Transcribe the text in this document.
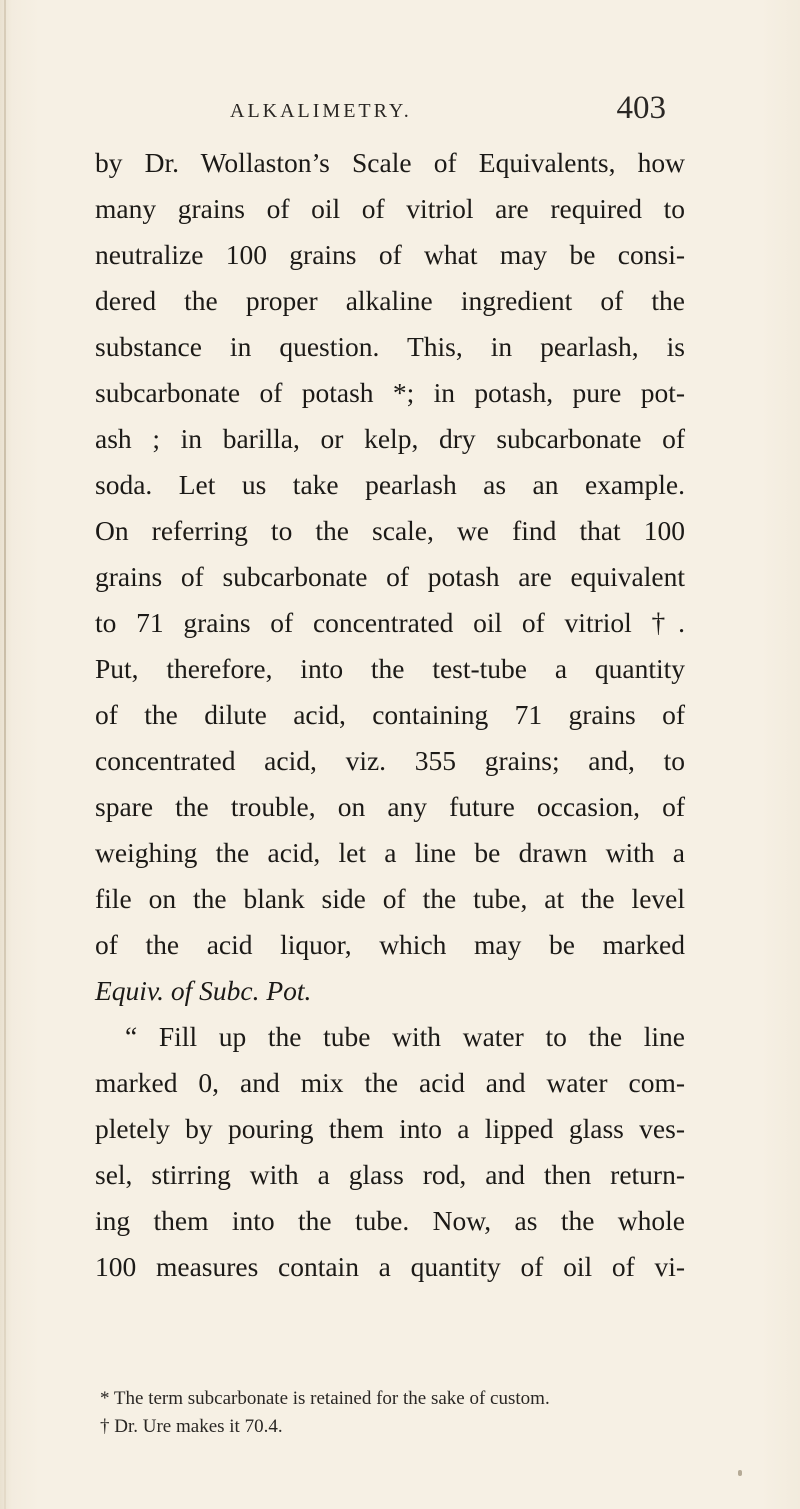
ALKALIMETRY.	403
by Dr. Wollaston’s Scale of Equivalents, how
many grains of oil of vitriol are required to
neutralize 100 grains of what may be consi-
dered the proper alkaline ingredient of the
substance in question. This, in pearlash, is
subcarbonate of potash *; in potash, pure pot-
ash ; in barilla, or kelp, dry subcarbonate of
soda. Let us take pearlash as an example.
On referring to the scale, we find that 100
grains of subcarbonate of potash are equivalent
to 71 grains of concentrated oil of vitriol †.
Put, therefore, into the test-tube a quantity
of the dilute acid, containing 71 grains of
concentrated acid, viz. 355 grains; and, to
spare the trouble, on any future occasion, of
weighing the acid, let a line be drawn with a
file on the blank side of the tube, at the level
of the acid liquor, which may be marked
Equiv. of Subc. Pot.
“ Fill up the tube with water to the line
marked 0, and mix the acid and water com-
pletely by pouring them into a lipped glass ves-
sel, stirring with a glass rod, and then return-
ing them into the tube. Now, as the whole
100 measures contain a quantity of oil of vi-
* The term subcarbonate is retained for the sake of custom.
† Dr. Ure makes it 70.4.
